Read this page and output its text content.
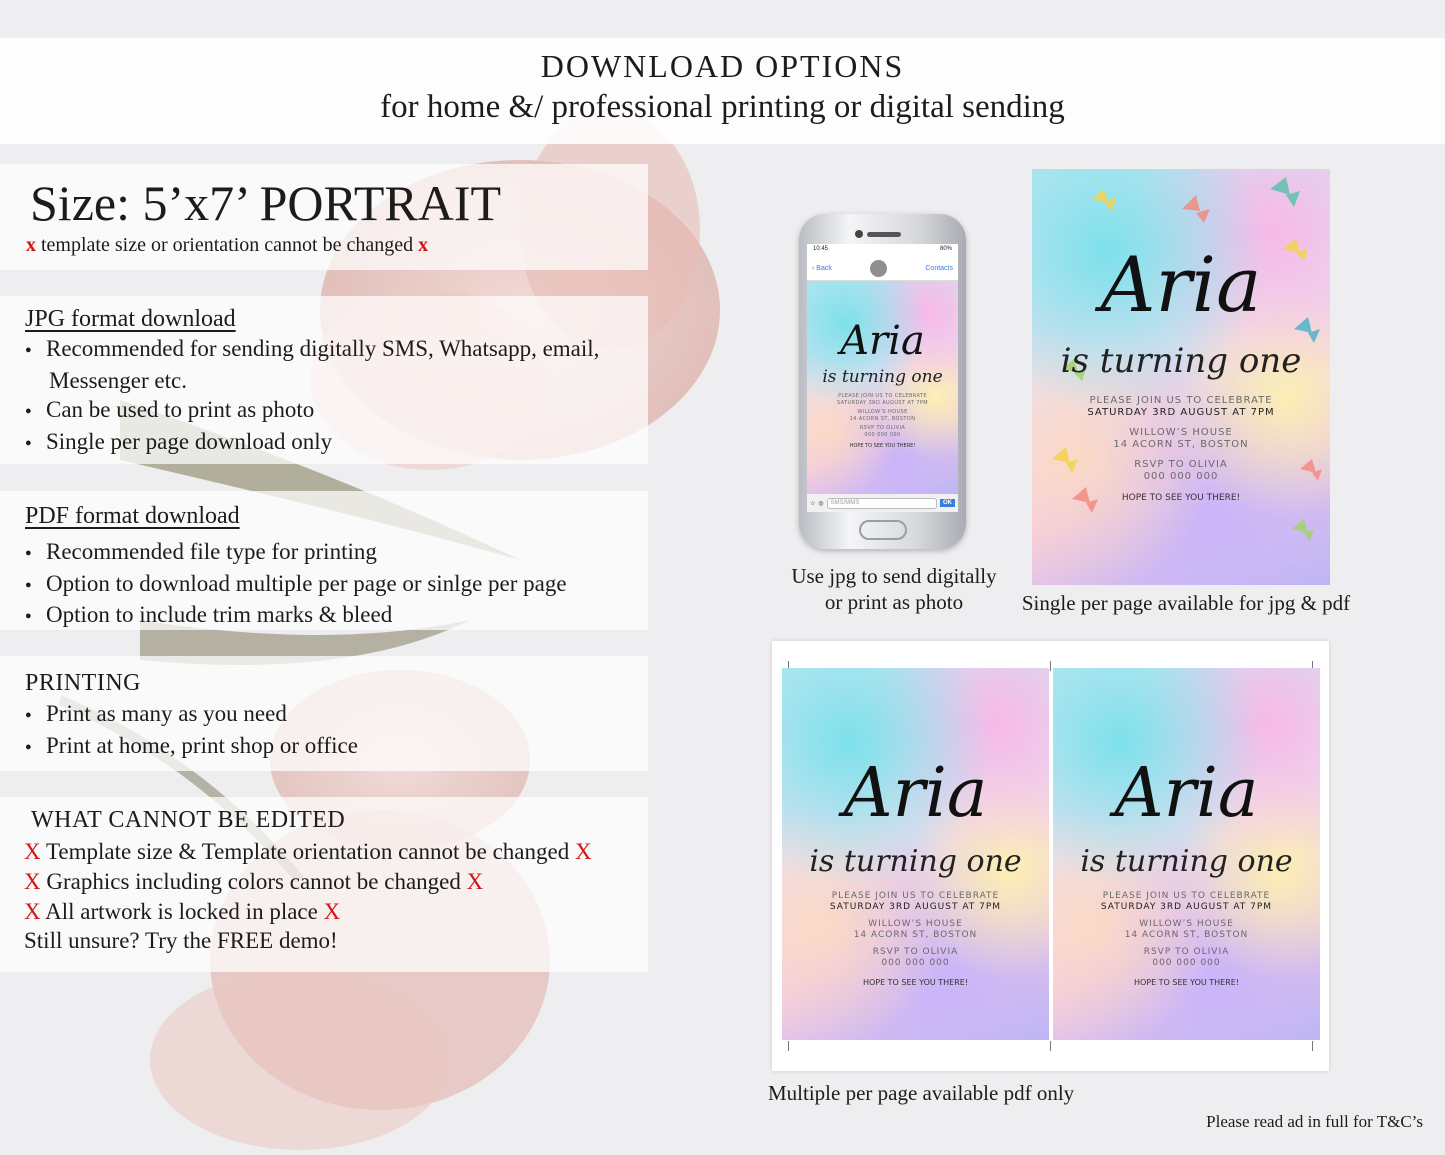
DOWNLOAD OPTIONS
for home &/ professional printing or digital sending
Size: 5’x7’ PORTRAIT
x template size or orientation cannot be changed x
JPG format download
● Recommended for sending digitally SMS, Whatsapp, email,
Messenger etc.
● Can be used to print as photo
● Single per page download only
PDF format download
● Recommended file type for printing
● Option to download multiple per page or sinlge per page
● Option to include trim marks & bleed
PRINTING
● Print as many as you need
● Print at home, print shop or office
WHAT CANNOT BE EDITED
X Template size & Template orientation cannot be changed X
X Graphics including colors cannot be changed X
X All artwork is locked in place X
Still unsure? Try the FREE demo!
10:45	80%
‹ Back	Contacts
Aria
is turning one
PLEASE JOIN US TO CELEBRATE
SATURDAY 3RD AUGUST AT 7PM
WILLOW’S HOUSE
14 ACORN ST, BOSTON
RSVP TO OLIVIA
000 000 000
HOPE TO SEE YOU THERE!
☆ ◎	SMS/MMS	OK
Aria
is turning one
PLEASE JOIN US TO CELEBRATE
SATURDAY 3RD AUGUST AT 7PM
WILLOW’S HOUSE
14 ACORN ST, BOSTON
RSVP TO OLIVIA
000 000 000
HOPE TO SEE YOU THERE!
Use jpg to send digitally
or print as photo	Single per page available for jpg & pdf
Aria
is turning one
PLEASE JOIN US TO CELEBRATE
SATURDAY 3RD AUGUST AT 7PM
WILLOW’S HOUSE
14 ACORN ST, BOSTON
RSVP TO OLIVIA
000 000 000
HOPE TO SEE YOU THERE!
Aria
is turning one
PLEASE JOIN US TO CELEBRATE
SATURDAY 3RD AUGUST AT 7PM
WILLOW’S HOUSE
14 ACORN ST, BOSTON
RSVP TO OLIVIA
000 000 000
HOPE TO SEE YOU THERE!
Multiple per page available pdf only
Please read ad in full for T&C’s
